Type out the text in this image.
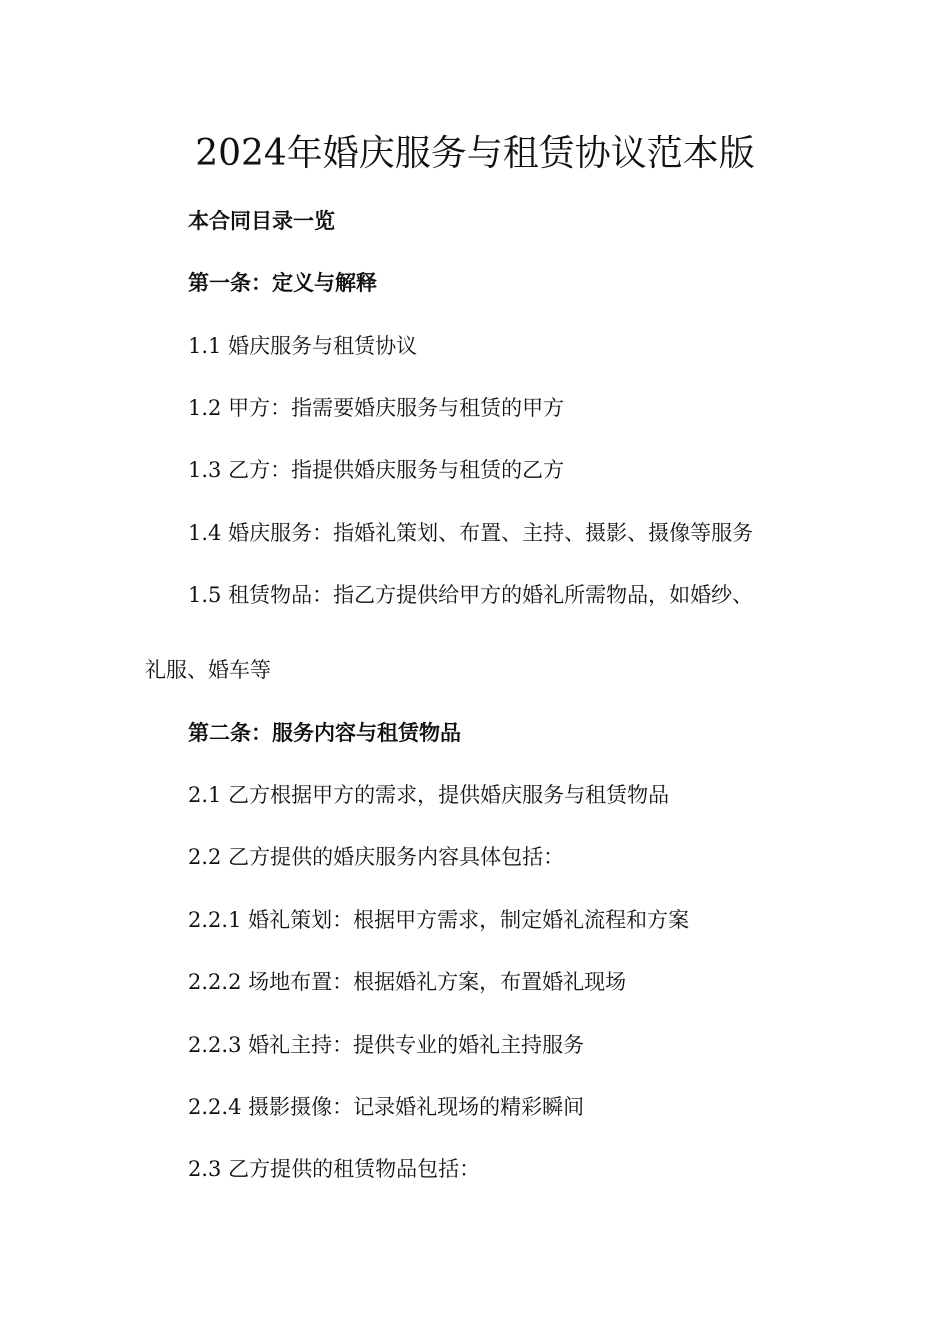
2024年婚庆服务与租赁协议范本版
本合同目录一览
第一条：定义与解释
1.1 婚庆服务与租赁协议
1.2 甲方：指需要婚庆服务与租赁的甲方
1.3 乙方：指提供婚庆服务与租赁的乙方
1.4 婚庆服务：指婚礼策划、布置、主持、摄影、摄像等服务
1.5 租赁物品：指乙方提供给甲方的婚礼所需物品，如婚纱、
礼服、婚车等
第二条：服务内容与租赁物品
2.1 乙方根据甲方的需求，提供婚庆服务与租赁物品
2.2 乙方提供的婚庆服务内容具体包括：
2.2.1 婚礼策划：根据甲方需求，制定婚礼流程和方案
2.2.2 场地布置：根据婚礼方案，布置婚礼现场
2.2.3 婚礼主持：提供专业的婚礼主持服务
2.2.4 摄影摄像：记录婚礼现场的精彩瞬间
2.3 乙方提供的租赁物品包括：
